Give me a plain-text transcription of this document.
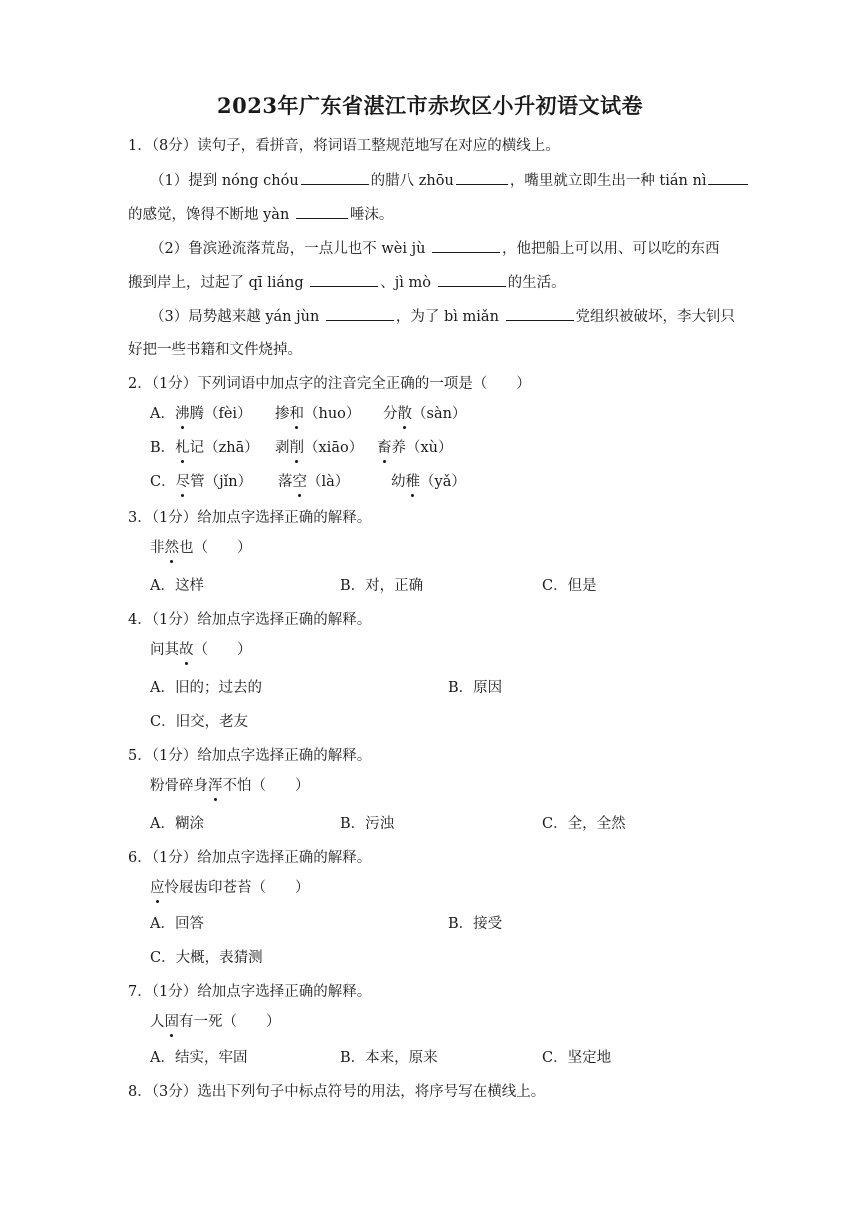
2023年广东省湛江市赤坎区小升初语文试卷
1．（8分）读句子，看拼音，将词语工整规范地写在对应的横线上。
（1）提到 nóng chóu	的腊八 zhōu	，嘴里就立即生出一种 tián nì
的感觉，馋得不断地 yàn	唾沫。
（2）鲁滨逊流落荒岛，一点儿也不 wèi jù	，他把船上可以用、可以吃的东西
搬到岸上，过起了 qī liáng	、jì mò	的生活。
（3）局势越来越 yán jùn	，为了 bì miǎn	党组织被破坏，李大钊只
好把一些书籍和文件烧掉。
2．（1分）下列词语中加点字的注音完全正确的一项是（　　）
A．沸腾（fèi） 掺和（huo） 分散（sàn）
B．札记（zhā） 剥削（xiāo） 畜养（xù）
C．尽管（jǐn） 落空（là）	幼稚（yǎ）
3．（1分）给加点字选择正确的解释。
非然也（　　）
A．这样	B．对，正确	C．但是
4．（1分）给加点字选择正确的解释。
问其故（　　）
A．旧的；过去的	B．原因
C．旧交，老友
5．（1分）给加点字选择正确的解释。
粉骨碎身浑不怕（　　）
A．糊涂	B．污浊	C．全，全然
6．（1分）给加点字选择正确的解释。
应怜屐齿印苍苔（　　）
A．回答	B．接受
C．大概，表猜测
7．（1分）给加点字选择正确的解释。
人固有一死（　　）
A．结实，牢固	B．本来，原来	C．坚定地
8．（3分）选出下列句子中标点符号的用法，将序号写在横线上。
